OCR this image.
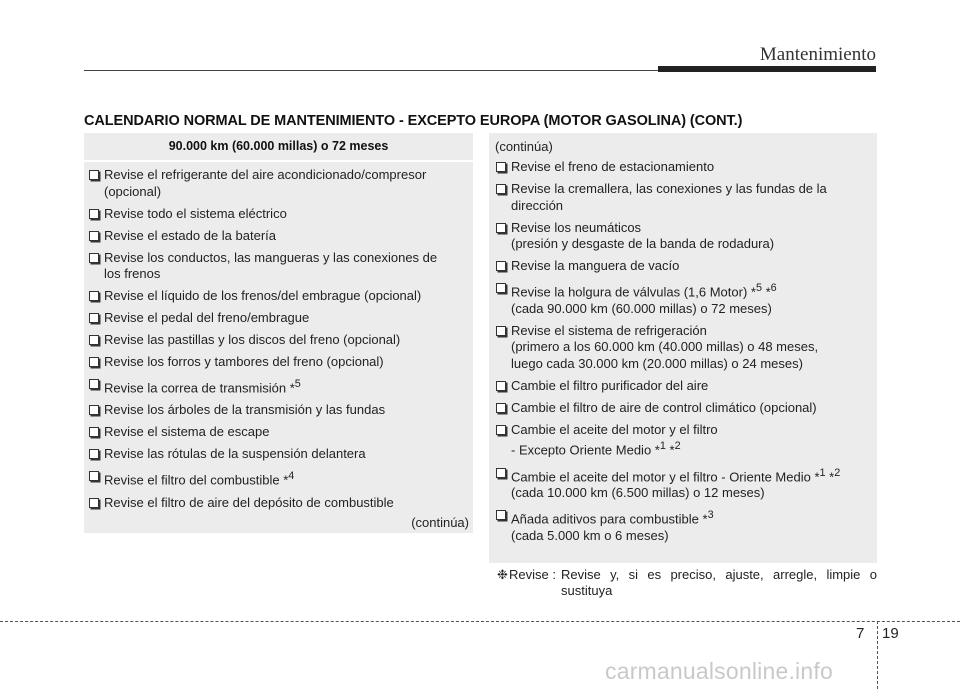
Mantenimiento
CALENDARIO NORMAL DE MANTENIMIENTO - EXCEPTO EUROPA (MOTOR GASOLINA) (CONT.)
90.000 km (60.000 millas) o 72 meses
Revise el refrigerante del aire acondicionado/compresor
(opcional)
Revise todo el sistema eléctrico
Revise el estado de la batería
Revise los conductos, las mangueras y las conexiones de
los frenos
Revise el líquido de los frenos/del embrague (opcional)
Revise el pedal del freno/embrague
Revise las pastillas y los discos del freno (opcional)
Revise los forros y tambores del freno (opcional)
Revise la correa de transmisión *$^5$
Revise los árboles de la transmisión y las fundas
Revise el sistema de escape
Revise las rótulas de la suspensión delantera
Revise el filtro del combustible *$^4$
Revise el filtro de aire del depósito de combustible
(continúa)
(continúa)
Revise el freno de estacionamiento
Revise la cremallera, las conexiones y las fundas de la
dirección
Revise los neumáticos
(presión y desgaste de la banda de rodadura)
Revise la manguera de vacío
Revise la holgura de válvulas (1,6 Motor) *$^5$ *$^6$
(cada 90.000 km (60.000 millas) o 72 meses)
Revise el sistema de refrigeración
(primero a los 60.000 km (40.000 millas) o 48 meses,
luego cada 30.000 km (20.000 millas) o 24 meses)
Cambie el filtro purificador del aire
Cambie el filtro de aire de control climático (opcional)
Cambie el aceite del motor y el filtro
- Excepto Oriente Medio *$^1$ *$^2$
Cambie el aceite del motor y el filtro - Oriente Medio *$^1$ *$^2$
(cada 10.000 km (6.500 millas) o 12 meses)
Añada aditivos para combustible *$^3$
(cada 5.000 km o 6 meses)
❉ Revise : Revise y, si es preciso, ajuste, arregle, limpie o sustituya
7 19
carmanualsonline.info
